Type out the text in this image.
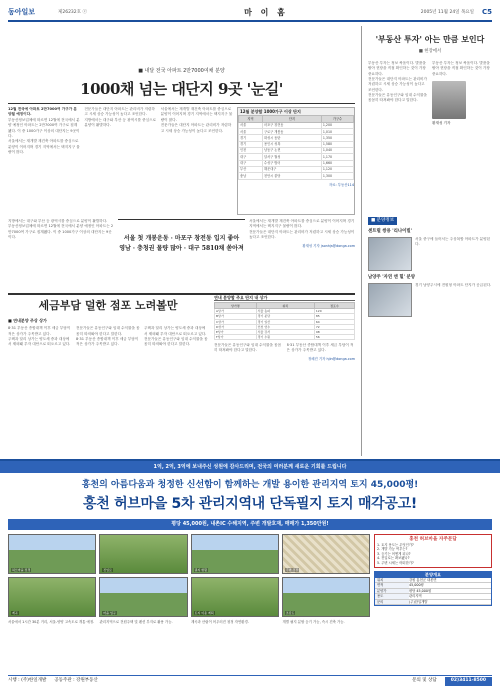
동아일보	제26232호 ⓒ	마 이 홈	2005년 11월 24일 목요일	C5
■ 내달 전국 아파트 2만7000여채 분양
1000채 넘는 대단지 9곳 '눈길'

12월 전국에 아파트 2만7000여 가구가 분양될 예정이다.

부동산정보업체에 따르면 12월에 전국에서 분양 예정인 아파트는 2만7000여 가구로 집계됐다. 이 중 1000가구 이상의 대단지는 9곳이다.

서울에서는 재개발 재건축 아파트를 중심으로 분양이 이어지며 경기 지역에서는 택지지구 물량이 많다.

전문가들은 대단지 아파트는 관리비가 저렴하고 시세 상승 가능성이 높다고 조언한다.

지방에서는 대구와 부산 등 광역시를 중심으로 분양이 활발하다.

서울에서는 재개발 재건축 아파트를 중심으로 분양이 이어지며 경기 지역에서는 택지지구 물량이 많다.

전문가들은 대단지 아파트는 관리비가 저렴하고 시세 상승 가능성이 높다고 조언한다.

12월 분양할 1000가구 이상 단지
지역	단지	가구수
서울	마포구 창전동	1,200
서울	구로구 개봉동	1,010
경기	화성시 동탄	1,350
경기	용인시 성복	1,580
인천	남동구 논현	1,040
대구	달서구 월성	1,170
대구	수성구 범어	1,660
부산	해운대구	1,120
충남	천안시 불당	1,300
자료: 부동산114

지방에서는 대구와 부산 등 광역시를 중심으로 분양이 활발하다.

부동산정보업체에 따르면 12월에 전국에서 분양 예정인 아파트는 2만7000여 가구로 집계됐다. 이 중 1000가구 이상의 대단지는 9곳이다.	서울 첫 개봉운동 · 마포구 창전동 입지 좋아
영남 · 충청권 물량 많아 · 대구 5810채 쏟아져

서울에서는 재개발 재건축 아파트를 중심으로 분양이 이어지며 경기 지역에서는 택지지구 물량이 많다.

전문가들은 대단지 아파트는 관리비가 저렴하고 시세 상승 가능성이 높다고 조언한다.

황재성 기자 jsonhjs@donga.com
세금부담 덜한 점포 노려볼만
■ 연내분양 주상 상가

8·31 부동산 종합대책 이후 세금 부담이 적은 상가가 주목받고 있다.

주택과 달리 상가는 양도세 중과 대상에서 제외돼 투자 대안으로 떠오르고 있다.

전문가들은 유동인구와 임대 수익률을 꼼꼼히 따져봐야 한다고 말한다.

8·31 부동산 종합대책 이후 세금 부담이 적은 상가가 주목받고 있다.

주택과 달리 상가는 양도세 중과 대상에서 제외돼 투자 대안으로 떠오르고 있다.

전문가들은 유동인구와 임대 수익률을 꼼꼼히 따져봐야 한다고 말한다.

연내 분양할 주요 단지 내 상가
상가명	위치	점포수
A상가	서울 송파	120
B상가	경기 분당	85
C상가	경기 일산	64
D상가	인천 연수	72
E상가	서울 강서	98
F상가	경기 수원	56

전문가들은 유동인구와 임대 수익률을 꼼꼼히 따져봐야 한다고 말한다.

8·31 부동산 종합대책 이후 세금 부담이 적은 상가가 주목받고 있다.

정혜진 기자 hjin@donga.com
'부동산 투자' 아는 만큼 보인다
■ 현장에서

부동산 투자는 정보 싸움이다. 발품을 팔아 현장을 직접 확인하는 것이 가장 중요하다.

전문가들은 대단지 아파트는 관리비가 저렴하고 시세 상승 가능성이 높다고 조언한다.

전문가들은 유동인구와 임대 수익률을 꼼꼼히 따져봐야 한다고 말한다.

부동산 투자는 정보 싸움이다. 발품을 팔아 현장을 직접 확인하는 것이 가장 중요하다.

황재성 기자
■ 분양정보
센트럴 쌍용 '리나이빌'

서울 중구에 들어서는 주상복합 아파트가 분양된다.

남양주 '자연 앤 힐' 분양

경기 남양주시에 전원형 아파트 단지가 공급된다.

1억, 2억, 3억에 보내주신 성원에 감사드리며, 전국의 여러분께 새로운 기회를 드립니다
홍천의 아름다움과 청정한 신선함이 함께하는 개발 용이한 관리지역 토지 45,000평!
홍천 허브마을 5차 관리지역내 단독필지 토지 매각공고!
평당 45,000원, 내촌IC 수해지역, 주변 개발호재, 매매가 1,350만원!
허브마을 전경	진입로	필지 현황	주변 경관
계곡	마을 입구	토지 이용 계획	조감도
서울에서 1시간 30분 거리, 서울-양양 고속도로 개통 예정.	관리지역으로 전원주택 및 펜션 부지로 활용 가능.	계곡과 산림이 어우러진 청정 자연환경.	개별 필지 분할 등기 가능, 즉시 건축 가능.
홍천 허브마을 자주문답
1. 토지 용도는 무엇인가?
2. 개발 가능 여부는?
3. 등기는 어떻게 되나?
4. 진입로는 확보됐나?
5. 주변 시세는 어떠한가?
분양개요
위치	강원 홍천군 내촌면
면적	45,000평
분양가	평당 45,000원
용도	관리지역
문의	(주)한일개발
시행 : (주)한일개발 공동주관 : 강원부동산	문의 및 상담	02)3411-8500
